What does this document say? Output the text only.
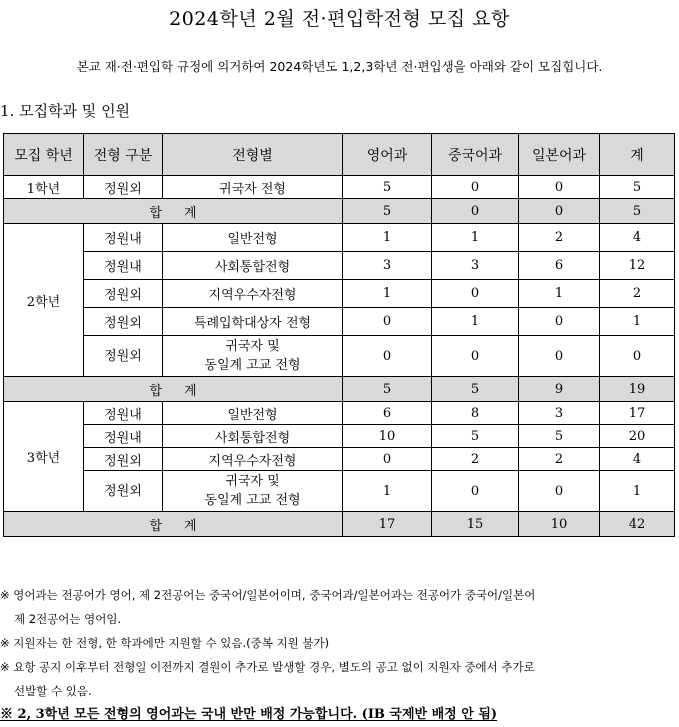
2024학년 2월 전·편입학전형 모집 요항
본교 재·전·편입학 규정에 의거하여 2024학년도 1,2,3학년 전·편입생을 아래와 같이 모집힙니다.
1. 모집학과 및 인원
모집 학년	전형 구분	전형별	영어과	중국어과	일본어과	계
1학년	정원외	귀국자 전형	5	0	0	5
합 계			5	0	0	5
2학년	정원내	일반전형	1	1	2	4
	정원내	사회통합전형	3	3	6	12
	정원외	지역우수자전형	1	0	1	2
	정원외	특례입학대상자 전형	0	1	0	1
	정원외	귀국자 및
동일계 고교 전형	0	0	0	0
합 계			5	5	9	19
3학년	정원내	일반전형	6	8	3	17
	정원내	사회통합전형	10	5	5	20
	정원외	지역우수자전형	0	2	2	4
	정원외	귀국자 및
동일계 고교 전형	1	0	0	1
합 계			17	15	10	42

※ 영어과는 전공어가 영어, 제 2전공어는 중국어/일본어이며, 중국어과/일본어과는 전공어가 중국어/일본어

제 2전공어는 영어임.

※ 지원자는 한 전형, 한 학과에만 지원할 수 있음.(중복 지원 불가)

※ 요항 공지 이후부터 전형일 이전까지 결원이 추가로 발생할 경우, 별도의 공고 없이 지원자 중에서 추가로

선발할 수 있음.

※ 2, 3학년 모든 전형의 영어과는 국내 반만 배정 가능합니다. (IB 국제반 배정 안 됨)
